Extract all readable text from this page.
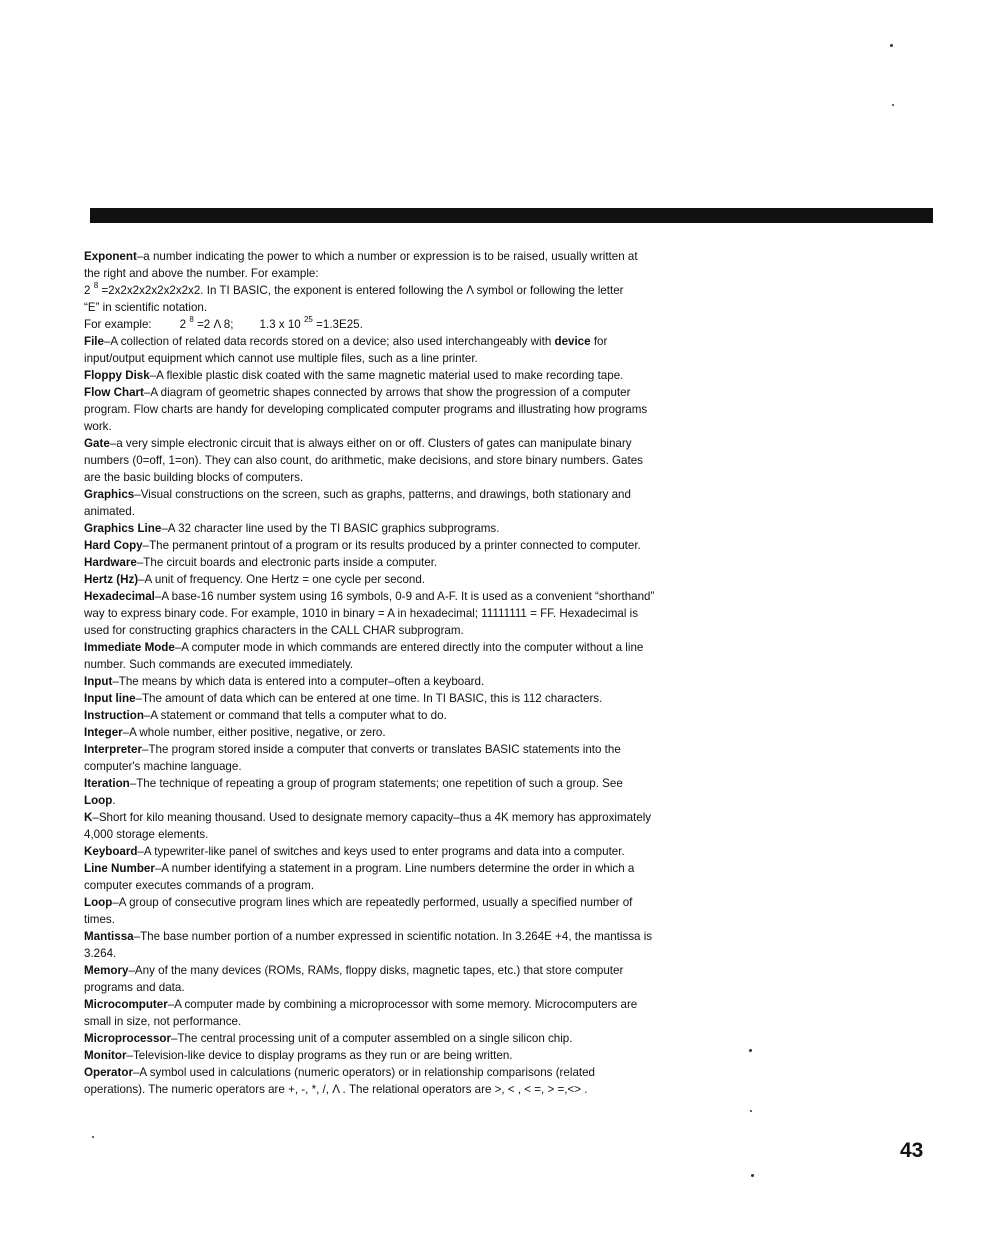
Exponent–a number indicating the power to which a number or expression is to be raised, usually written at
the right and above the number. For example:
2 $^8$ =2x2x2x2x2x2x2x2. In TI BASIC, the exponent is entered following the Λ symbol or following the letter
“E” in scientific notation.
For example: 2 $^8$ =2 Λ 8; 1.3 x 10 $^{25}$ =1.3E25.
File–A collection of related data records stored on a device; also used interchangeably with device for
input/output equipment which cannot use multiple files, such as a line printer.
Floppy Disk–A flexible plastic disk coated with the same magnetic material used to make recording tape.
Flow Chart–A diagram of geometric shapes connected by arrows that show the progression of a computer
program. Flow charts are handy for developing complicated computer programs and illustrating how programs
work.
Gate–a very simple electronic circuit that is always either on or off. Clusters of gates can manipulate binary
numbers (0=off, 1=on). They can also count, do arithmetic, make decisions, and store binary numbers. Gates
are the basic building blocks of computers.
Graphics–Visual constructions on the screen, such as graphs, patterns, and drawings, both stationary and
animated.
Graphics Line–A 32 character line used by the TI BASIC graphics subprograms.
Hard Copy–The permanent printout of a program or its results produced by a printer connected to computer.
Hardware–The circuit boards and electronic parts inside a computer.
Hertz (Hz)–A unit of frequency. One Hertz = one cycle per second.
Hexadecimal–A base-16 number system using 16 symbols, 0-9 and A-F. It is used as a convenient “shorthand”
way to express binary code. For example, 1010 in binary = A in hexadecimal; 11111111 = FF. Hexadecimal is
used for constructing graphics characters in the CALL CHAR subprogram.
Immediate Mode–A computer mode in which commands are entered directly into the computer without a line
number. Such commands are executed immediately.
Input–The means by which data is entered into a computer–often a keyboard.
Input line–The amount of data which can be entered at one time. In TI BASIC, this is 112 characters.
Instruction–A statement or command that tells a computer what to do.
Integer–A whole number, either positive, negative, or zero.
Interpreter–The program stored inside a computer that converts or translates BASIC statements into the
computer's machine language.
Iteration–The technique of repeating a group of program statements; one repetition of such a group. See
Loop.
K–Short for kilo meaning thousand. Used to designate memory capacity–thus a 4K memory has approximately
4,000 storage elements.
Keyboard–A typewriter-like panel of switches and keys used to enter programs and data into a computer.
Line Number–A number identifying a statement in a program. Line numbers determine the order in which a
computer executes commands of a program.
Loop–A group of consecutive program lines which are repeatedly performed, usually a specified number of
times.
Mantissa–The base number portion of a number expressed in scientific notation. In 3.264E +4, the mantissa is
3.264.
Memory–Any of the many devices (ROMs, RAMs, floppy disks, magnetic tapes, etc.) that store computer
programs and data.
Microcomputer–A computer made by combining a microprocessor with some memory. Microcomputers are
small in size, not performance.
Microprocessor–The central processing unit of a computer assembled on a single silicon chip.
Monitor–Television-like device to display programs as they run or are being written.
Operator–A symbol used in calculations (numeric operators) or in relationship comparisons (related
operations). The numeric operators are +, -, *, /, Λ . The relational operators are >, < , < =, > =,<> .
43
